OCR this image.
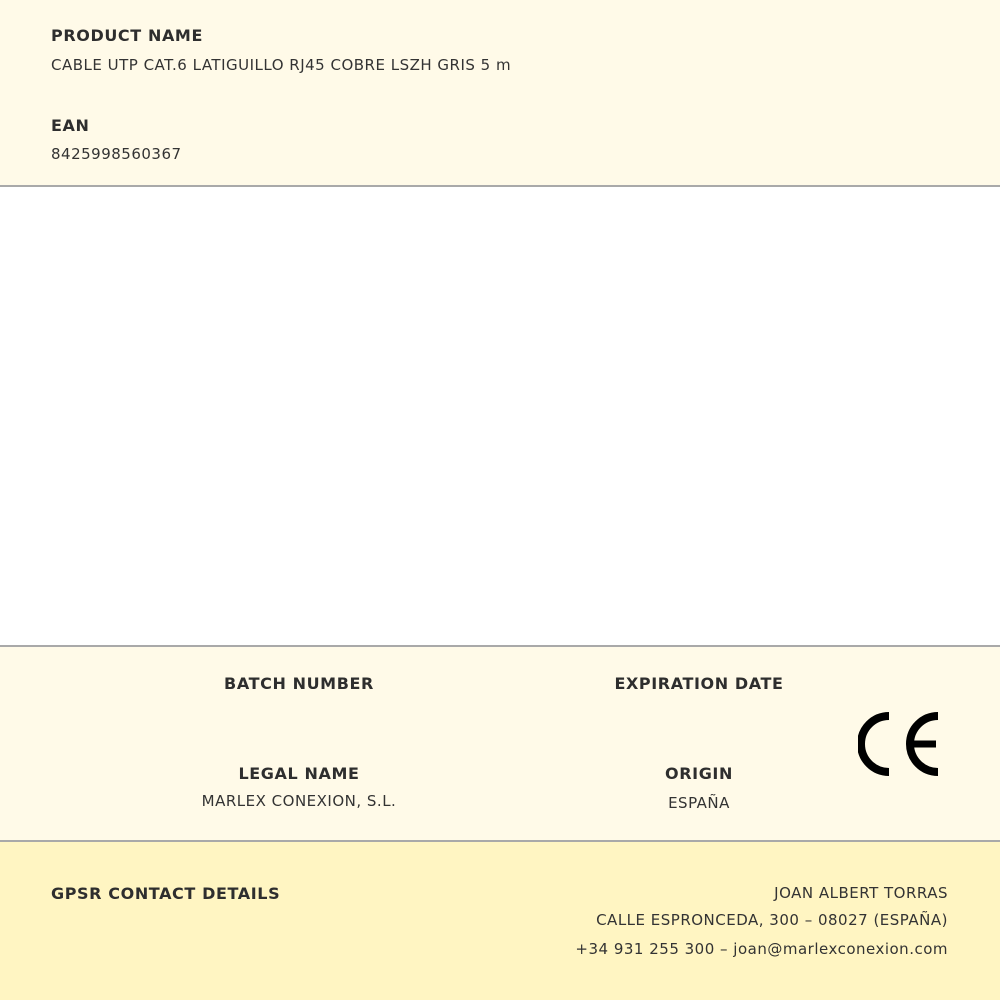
PRODUCT NAME
CABLE UTP CAT.6 LATIGUILLO RJ45 COBRE LSZH GRIS 5 m
EAN
8425998560367
BATCH NUMBER	EXPIRATION DATE
LEGAL NAME
MARLEX CONEXION, S.L.
ORIGIN
ESPAÑA
GPSR CONTACT DETAILS	JOAN ALBERT TORRAS
CALLE ESPRONCEDA, 300 – 08027 (ESPAÑA)
+34 931 255 300 – joan@marlexconexion.com
